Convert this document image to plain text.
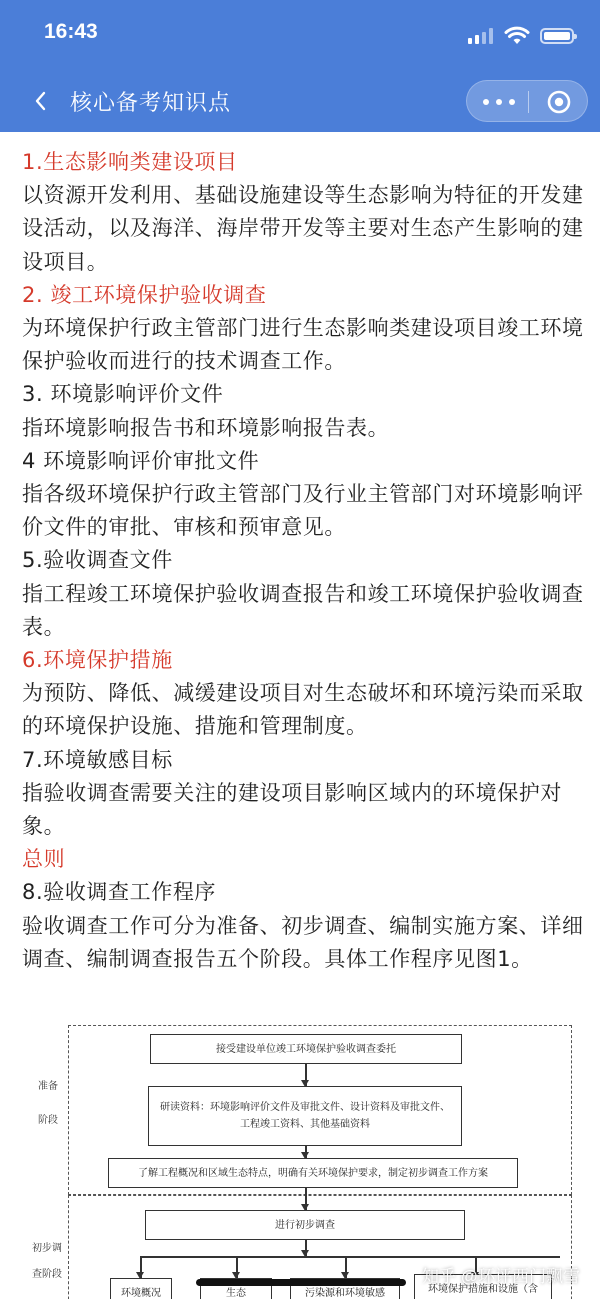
16:43
核心备考知识点

1.生态影响类建设项目

以资源开发利用、基础设施建设等生态影响为特征的开发建设活动，以及海洋、海岸带开发等主要对生态产生影响的建设项目。

2. 竣工环境保护验收调查

为环境保护行政主管部门进行生态影响类建设项目竣工环境保护验收而进行的技术调查工作。

3. 环境影响评价文件

指环境影响报告书和环境影响报告表。

4 环境影响评价审批文件

指各级环境保护行政主管部门及行业主管部门对环境影响评价文件的审批、审核和预审意见。

5.验收调查文件

指工程竣工环境保护验收调查报告和竣工环境保护验收调查表。

6.环境保护措施

为预防、降低、减缓建设项目对生态破坏和环境污染而采取的环境保护设施、措施和管理制度。

7.环境敏感目标

指验收调查需要关注的建设项目影响区域内的环境保护对象。

总则

8.验收调查工作程序

验收调查工作可分为准备、初步调查、编制实施方案、详细调查、编制调查报告五个阶段。具体工作程序见图1。

准备
阶段
初步调
查阶段
接受建设单位竣工环境保护验收调查委托
研读资料：环境影响评价文件及审批文件、设计资料及审批文件、
工程竣工资料、其他基础资料
了解工程概况和区域生态特点，明确有关环境保护要求，制定初步调查工作方案
进行初步调查
环境概况	生态	污染源和环境敏感	环境保护措施和设施（含
知乎 @环评西门飘雪
